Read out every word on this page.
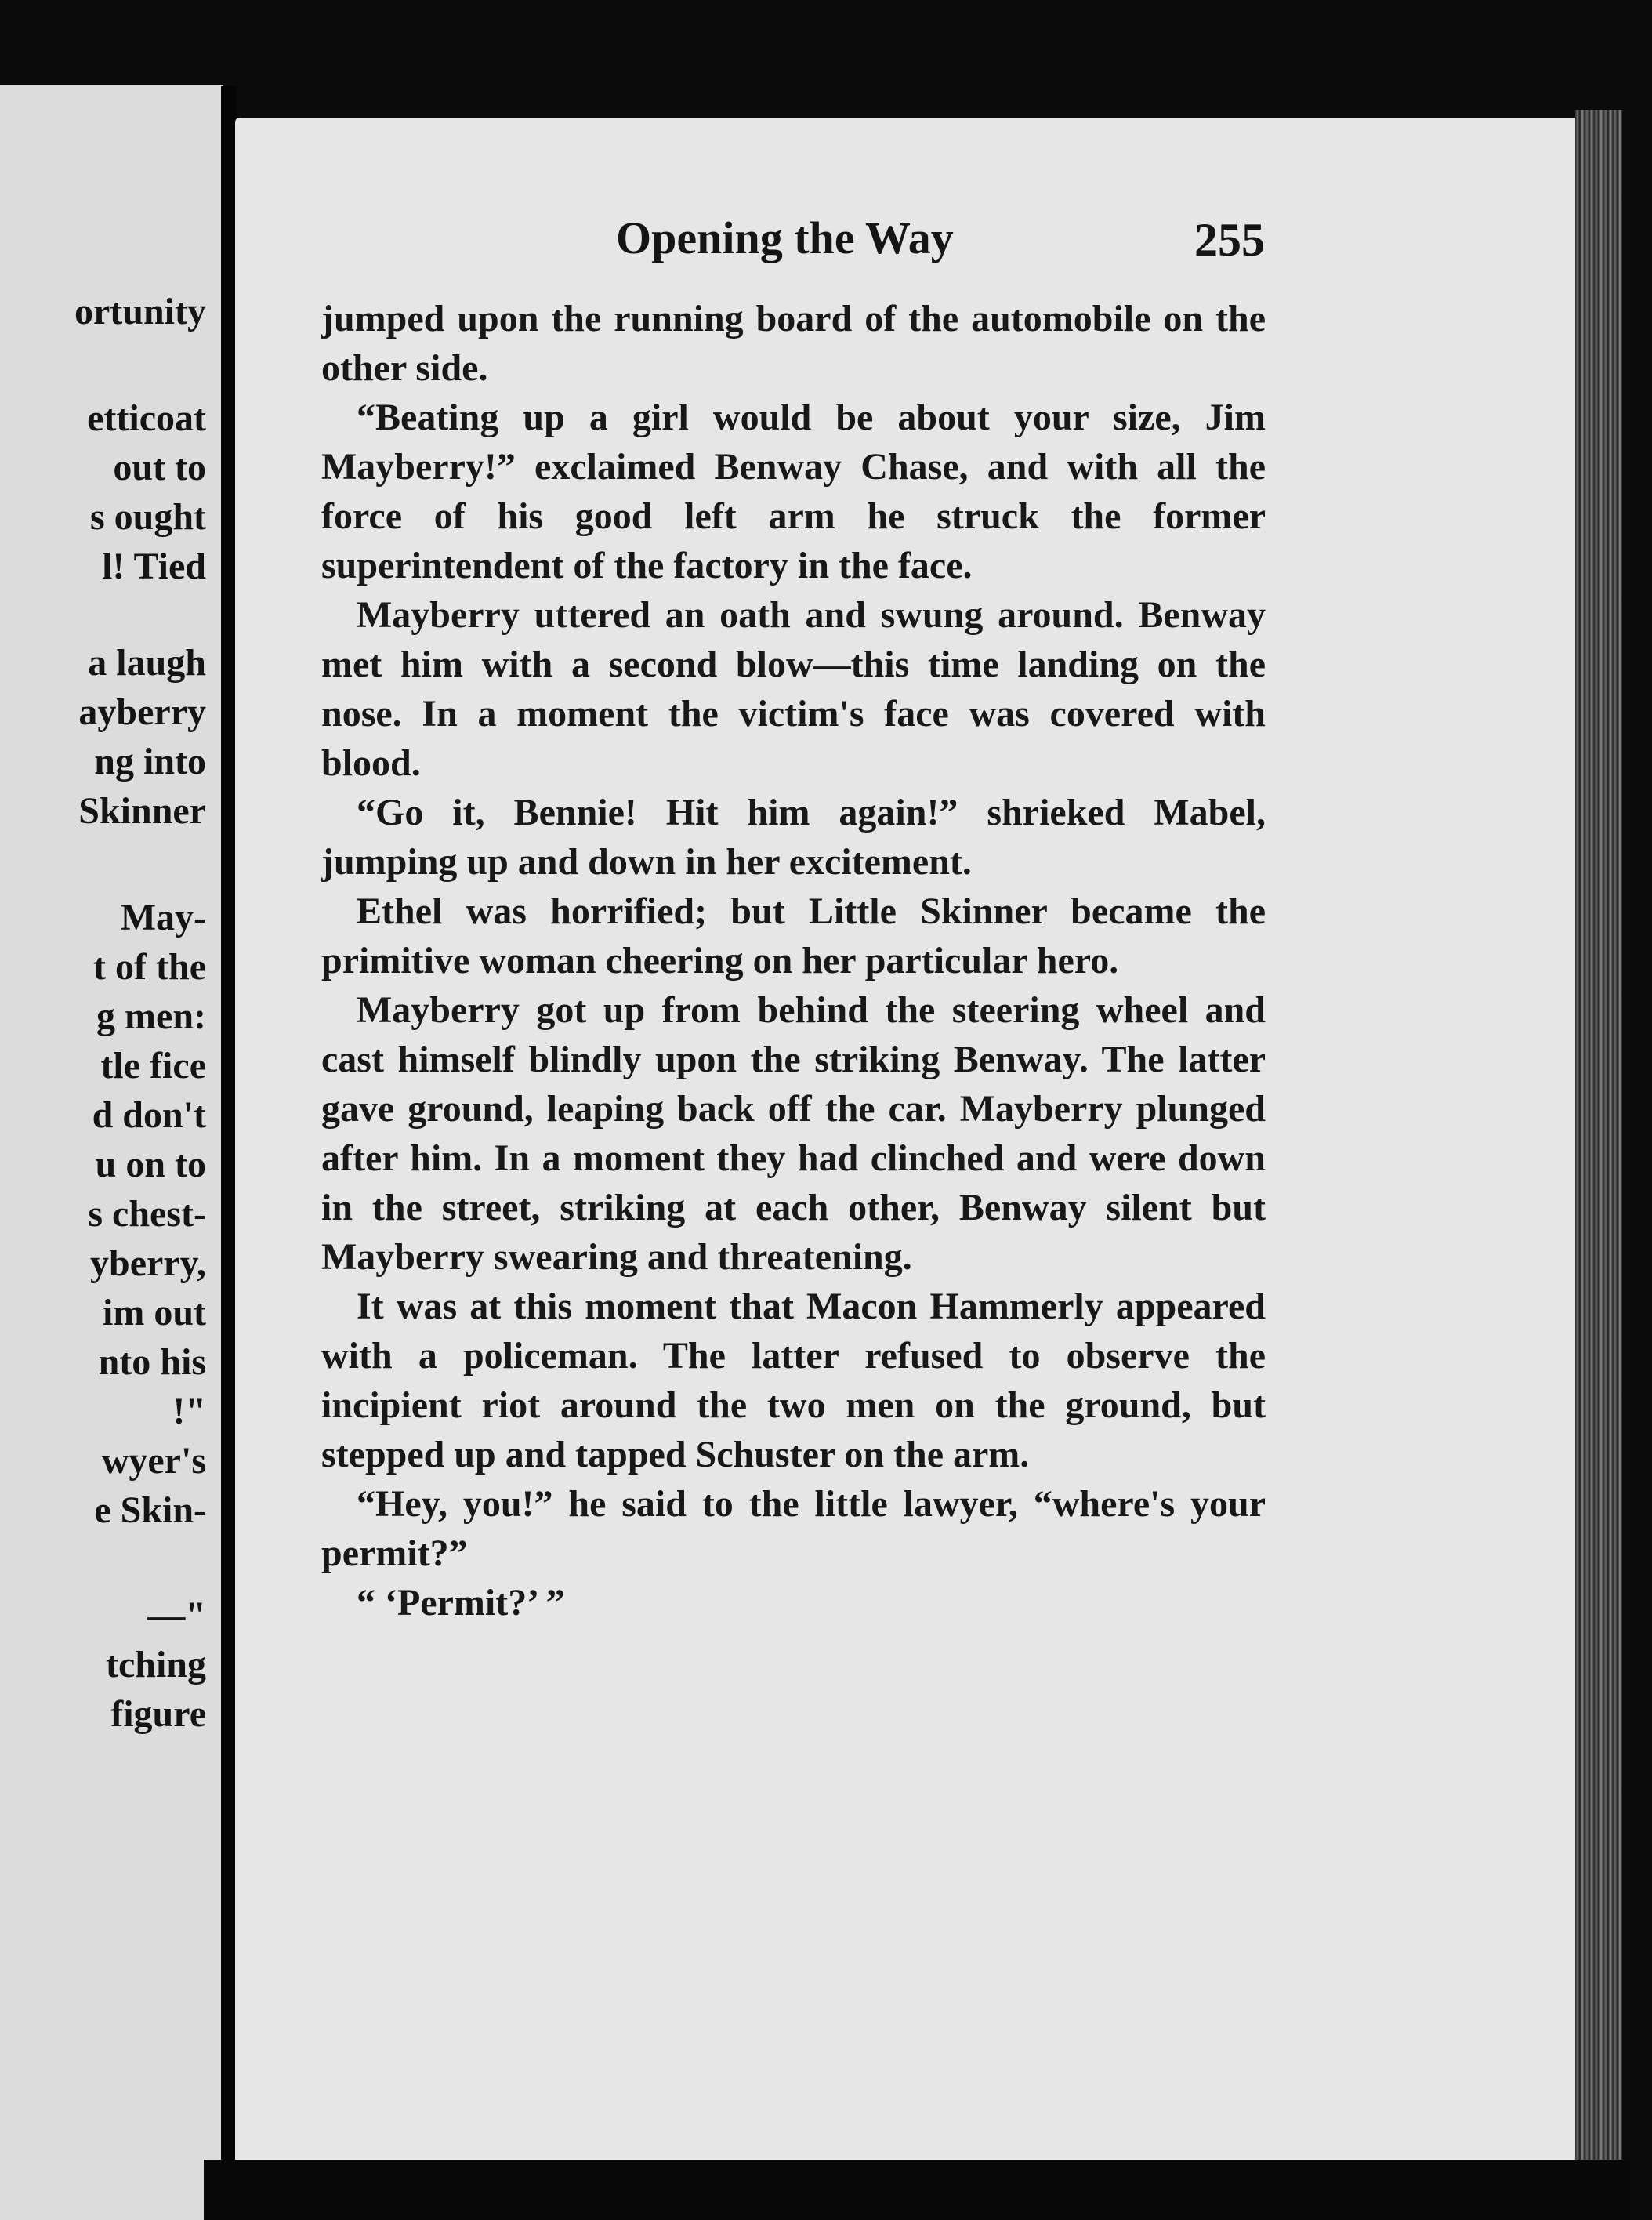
ortunity
etticoat
out to
s ought
l! Tied
a laugh
ayberry
ng into
Skinner
May-
t of the
g men:
tle fice
d don't
u on to
s chest-
yberry,
im out
nto his
!"
wyer's
e Skin-
—"
tching
figure
Opening the Way	255

jumped upon the running board of the automobile on the other side.

“Beating up a girl would be about your size, Jim Mayberry!” exclaimed Benway Chase, and with all the force of his good left arm he struck the former superintendent of the factory in the face.

Mayberry uttered an oath and swung around. Benway met him with a second blow—this time landing on the nose. In a moment the victim's face was covered with blood.

“Go it, Bennie! Hit him again!” shrieked Mabel, jumping up and down in her excitement.

Ethel was horrified; but Little Skinner became the primitive woman cheering on her particular hero.

Mayberry got up from behind the steering wheel and cast himself blindly upon the striking Benway. The latter gave ground, leaping back off the car. Mayberry plunged after him. In a moment they had clinched and were down in the street, striking at each other, Benway silent but Mayberry swearing and threatening.

It was at this moment that Macon Hammerly appeared with a policeman. The latter refused to observe the incipient riot around the two men on the ground, but stepped up and tapped Schuster on the arm.

“Hey, you!” he said to the little lawyer, “where's your permit?”

“ ‘Permit?’ ”
